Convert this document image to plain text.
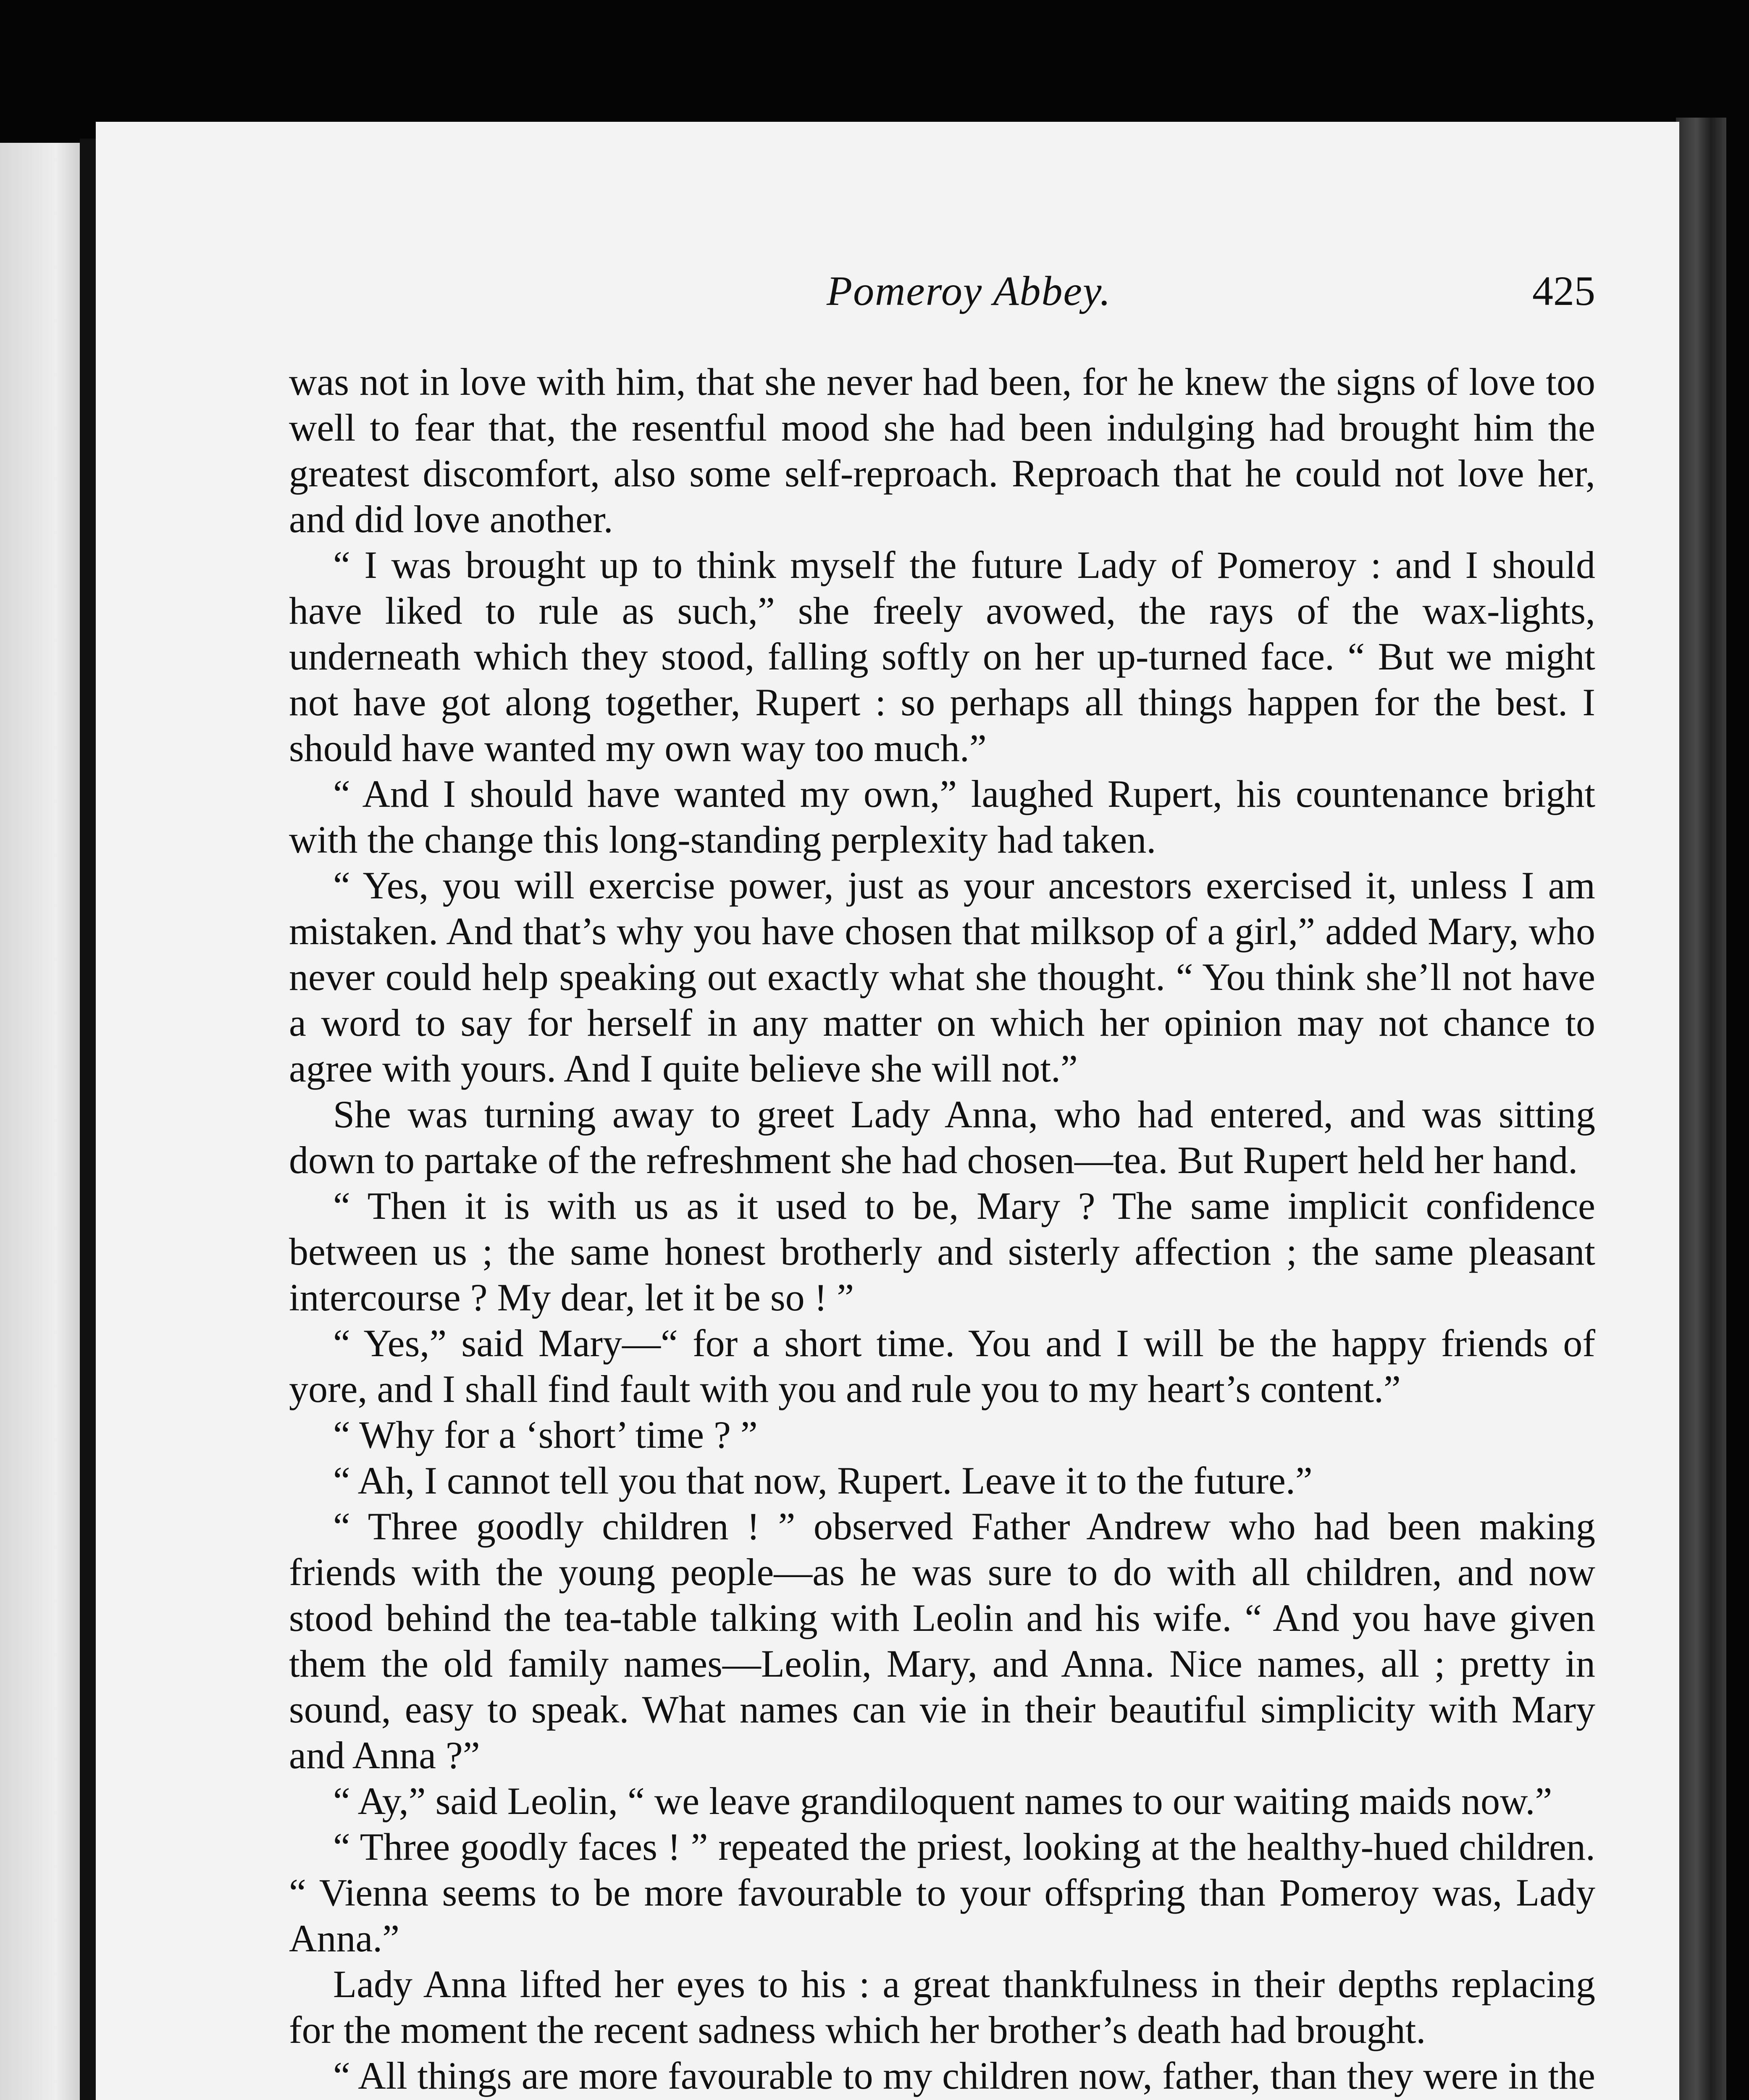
Pomeroy Abbey.	425

was not in love with him, that she never had been, for he knew the signs of love too well to fear that, the resentful mood she had been indulging had brought him the greatest discomfort, also some self-reproach. Reproach that he could not love her, and did love another.

“ I was brought up to think myself the future Lady of Pomeroy : and I should have liked to rule as such,” she freely avowed, the rays of the wax-lights, underneath which they stood, falling softly on her up-turned face. “ But we might not have got along together, Rupert : so perhaps all things happen for the best. I should have wanted my own way too much.”

“ And I should have wanted my own,” laughed Rupert, his countenance bright with the change this long-standing perplexity had taken.

“ Yes, you will exercise power, just as your ancestors exercised it, unless I am mistaken. And that’s why you have chosen that milksop of a girl,” added Mary, who never could help speaking out exactly what she thought. “ You think she’ll not have a word to say for herself in any matter on which her opinion may not chance to agree with yours. And I quite believe she will not.”

She was turning away to greet Lady Anna, who had entered, and was sitting down to partake of the refreshment she had chosen—tea. But Rupert held her hand.

“ Then it is with us as it used to be, Mary ? The same implicit confidence between us ; the same honest brotherly and sisterly affection ; the same pleasant intercourse ? My dear, let it be so ! ”

“ Yes,” said Mary—“ for a short time. You and I will be the happy friends of yore, and I shall find fault with you and rule you to my heart’s content.”

“ Why for a ‘short’ time ? ”

“ Ah, I cannot tell you that now, Rupert. Leave it to the future.”

“ Three goodly children ! ” observed Father Andrew who had been making friends with the young people—as he was sure to do with all children, and now stood behind the tea-table talking with Leolin and his wife. “ And you have given them the old family names—Leolin, Mary, and Anna. Nice names, all ; pretty in sound, easy to speak. What names can vie in their beautiful simplicity with Mary and Anna ?”

“ Ay,” said Leolin, “ we leave grandiloquent names to our waiting maids now.”

“ Three goodly faces ! ” repeated the priest, looking at the healthy-hued children. “ Vienna seems to be more favourable to your offspring than Pomeroy was, Lady Anna.”

Lady Anna lifted her eyes to his : a great thankfulness in their depths replacing for the moment the recent sadness which her brother’s death had brought.

“ All things are more favourable to my children now, father, than they were in the
